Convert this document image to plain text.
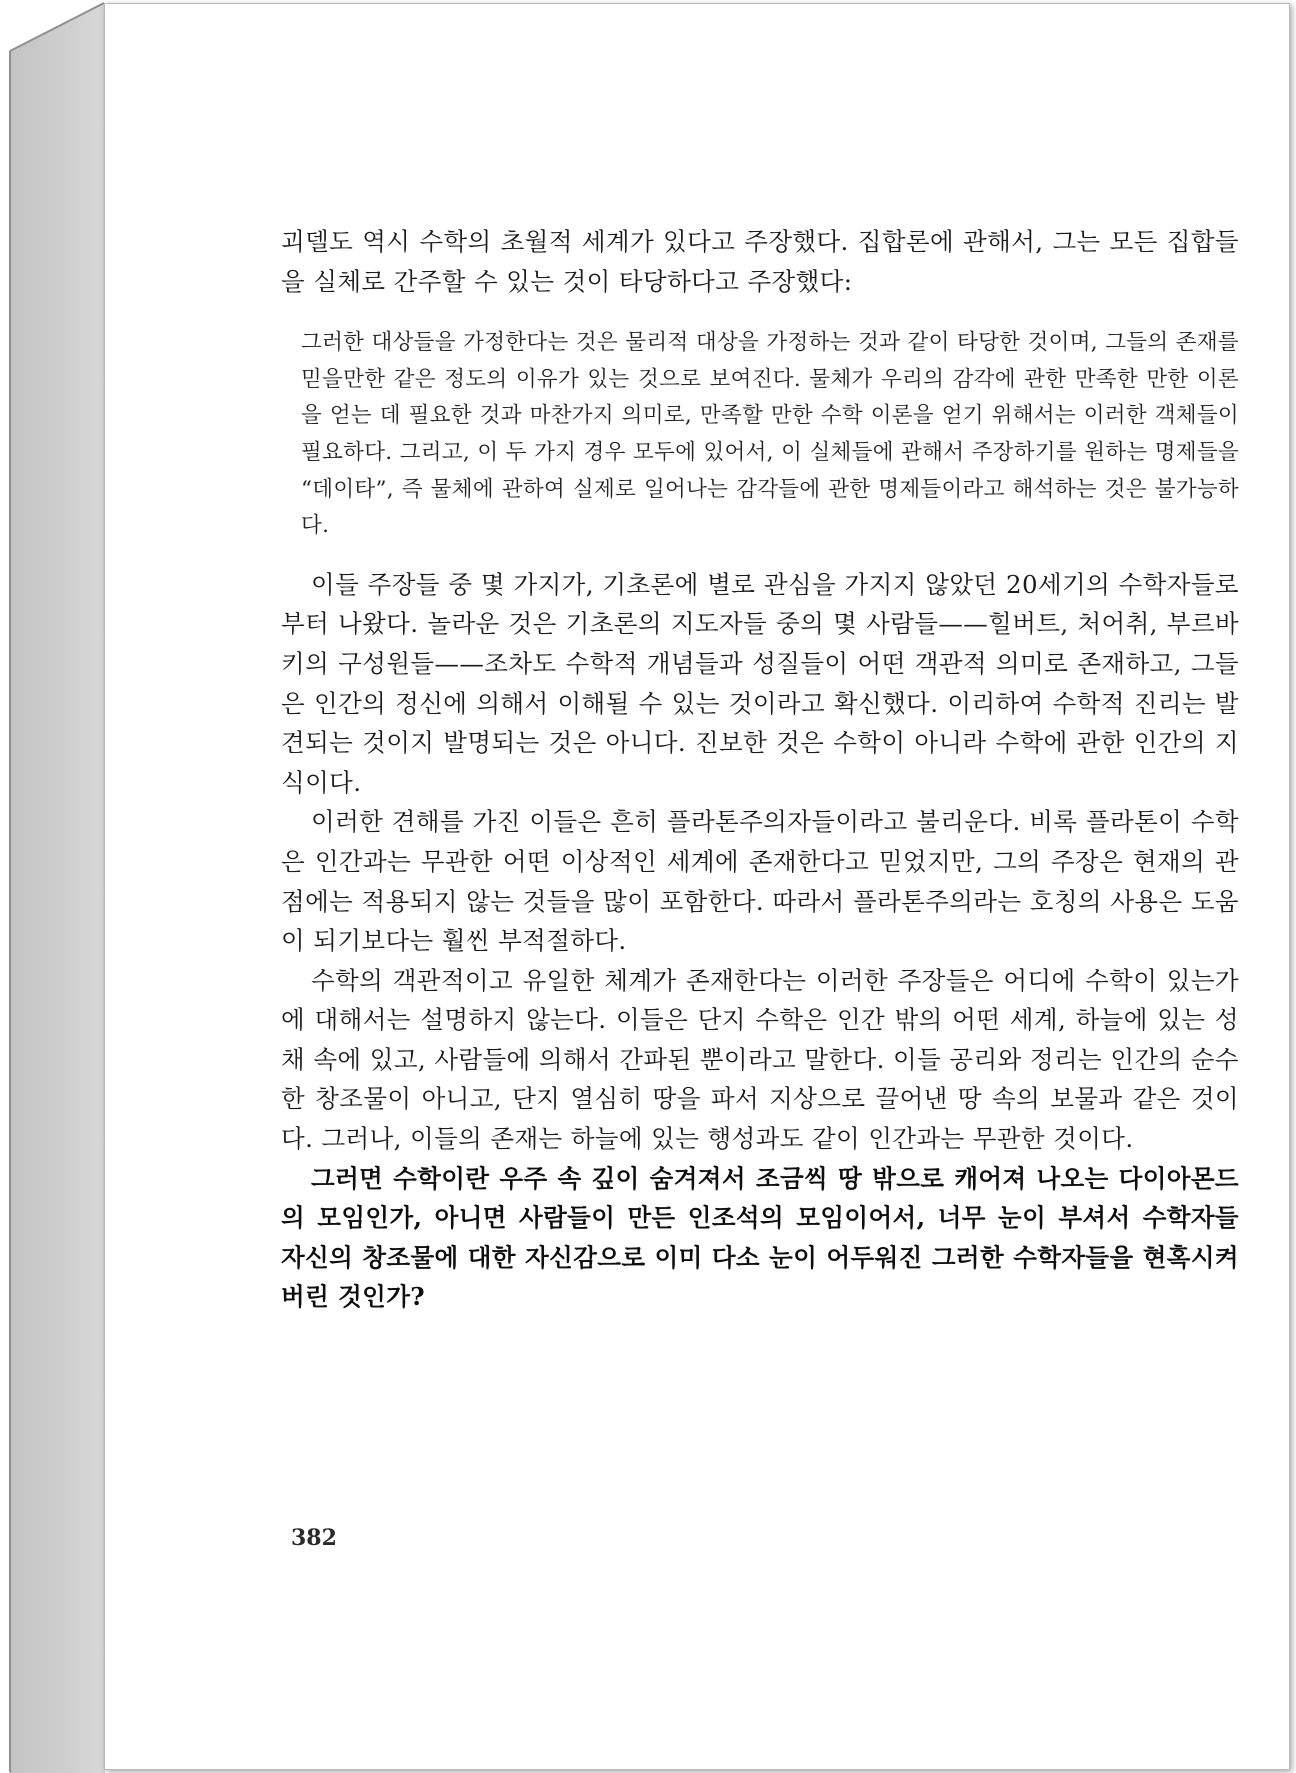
괴델도 역시 수학의 초월적 세계가 있다고 주장했다. 집합론에 관해서, 그는 모든 집합들을 실체로 간주할 수 있는 것이 타당하다고 주장했다:

그러한 대상들을 가정한다는 것은 물리적 대상을 가정하는 것과 같이 타당한 것이며, 그들의 존재를 믿을만한 같은 정도의 이유가 있는 것으로 보여진다. 물체가 우리의 감각에 관한 만족한 만한 이론을 얻는 데 필요한 것과 마찬가지 의미로, 만족할 만한 수학 이론을 얻기 위해서는 이러한 객체들이 필요하다. 그리고, 이 두 가지 경우 모두에 있어서, 이 실체들에 관해서 주장하기를 원하는 명제들을 “데이타”, 즉 물체에 관하여 실제로 일어나는 감각들에 관한 명제들이라고 해석하는 것은 불가능하다.

이들 주장들 중 몇 가지가, 기초론에 별로 관심을 가지지 않았던 20세기의 수학자들로부터 나왔다. 놀라운 것은 기초론의 지도자들 중의 몇 사람들——힐버트, 처어취, 부르바키의 구성원들——조차도 수학적 개념들과 성질들이 어떤 객관적 의미로 존재하고, 그들은 인간의 정신에 의해서 이해될 수 있는 것이라고 확신했다. 이리하여 수학적 진리는 발견되는 것이지 발명되는 것은 아니다. 진보한 것은 수학이 아니라 수학에 관한 인간의 지식이다.

이러한 견해를 가진 이들은 흔히 플라톤주의자들이라고 불리운다. 비록 플라톤이 수학은 인간과는 무관한 어떤 이상적인 세계에 존재한다고 믿었지만, 그의 주장은 현재의 관점에는 적용되지 않는 것들을 많이 포함한다. 따라서 플라톤주의라는 호칭의 사용은 도움이 되기보다는 훨씬 부적절하다.

수학의 객관적이고 유일한 체계가 존재한다는 이러한 주장들은 어디에 수학이 있는가에 대해서는 설명하지 않는다. 이들은 단지 수학은 인간 밖의 어떤 세계, 하늘에 있는 성채 속에 있고, 사람들에 의해서 간파된 뿐이라고 말한다. 이들 공리와 정리는 인간의 순수한 창조물이 아니고, 단지 열심히 땅을 파서 지상으로 끌어낸 땅 속의 보물과 같은 것이다. 그러나, 이들의 존재는 하늘에 있는 행성과도 같이 인간과는 무관한 것이다.

그러면 수학이란 우주 속 깊이 숨겨져서 조금씩 땅 밖으로 캐어져 나오는 다이아몬드의 모임인가, 아니면 사람들이 만든 인조석의 모임이어서, 너무 눈이 부셔서 수학자들 자신의 창조물에 대한 자신감으로 이미 다소 눈이 어두워진 그러한 수학자들을 현혹시켜 버린 것인가?

382
